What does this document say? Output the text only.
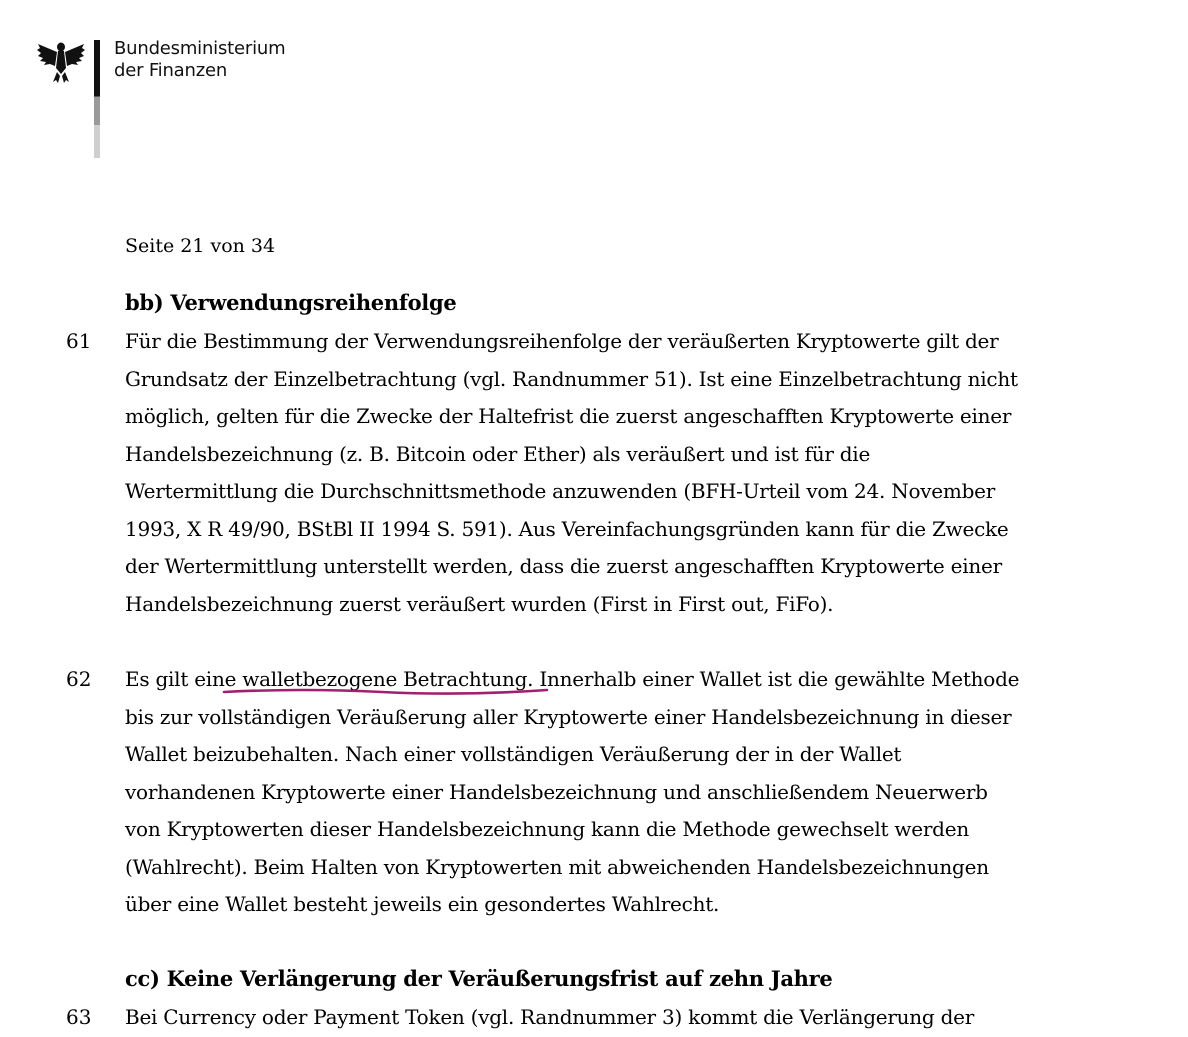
Bundesministerium
der Finanzen
Seite 21 von 34
bb) Verwendungsreihenfolge
61 Für die Bestimmung der Verwendungsreihenfolge der veräußerten Kryptowerte gilt der
Grundsatz der Einzelbetrachtung (vgl. Randnummer 51). Ist eine Einzelbetrachtung nicht
möglich, gelten für die Zwecke der Haltefrist die zuerst angeschafften Kryptowerte einer
Handelsbezeichnung (z. B. Bitcoin oder Ether) als veräußert und ist für die
Wertermittlung die Durchschnittsmethode anzuwenden (BFH-Urteil vom 24. November
1993, X R 49/90, BStBl II 1994 S. 591). Aus Vereinfachungsgründen kann für die Zwecke
der Wertermittlung unterstellt werden, dass die zuerst angeschafften Kryptowerte einer
Handelsbezeichnung zuerst veräußert wurden (First in First out, FiFo).
62 Es gilt eine walletbezogene Betrachtung. Innerhalb einer Wallet ist die gewählte Methode
bis zur vollständigen Veräußerung aller Kryptowerte einer Handelsbezeichnung in dieser
Wallet beizubehalten. Nach einer vollständigen Veräußerung der in der Wallet
vorhandenen Kryptowerte einer Handelsbezeichnung und anschließendem Neuerwerb
von Kryptowerten dieser Handelsbezeichnung kann die Methode gewechselt werden
(Wahlrecht). Beim Halten von Kryptowerten mit abweichenden Handelsbezeichnungen
über eine Wallet besteht jeweils ein gesondertes Wahlrecht.
cc) Keine Verlängerung der Veräußerungsfrist auf zehn Jahre
63 Bei Currency oder Payment Token (vgl. Randnummer 3) kommt die Verlängerung der
